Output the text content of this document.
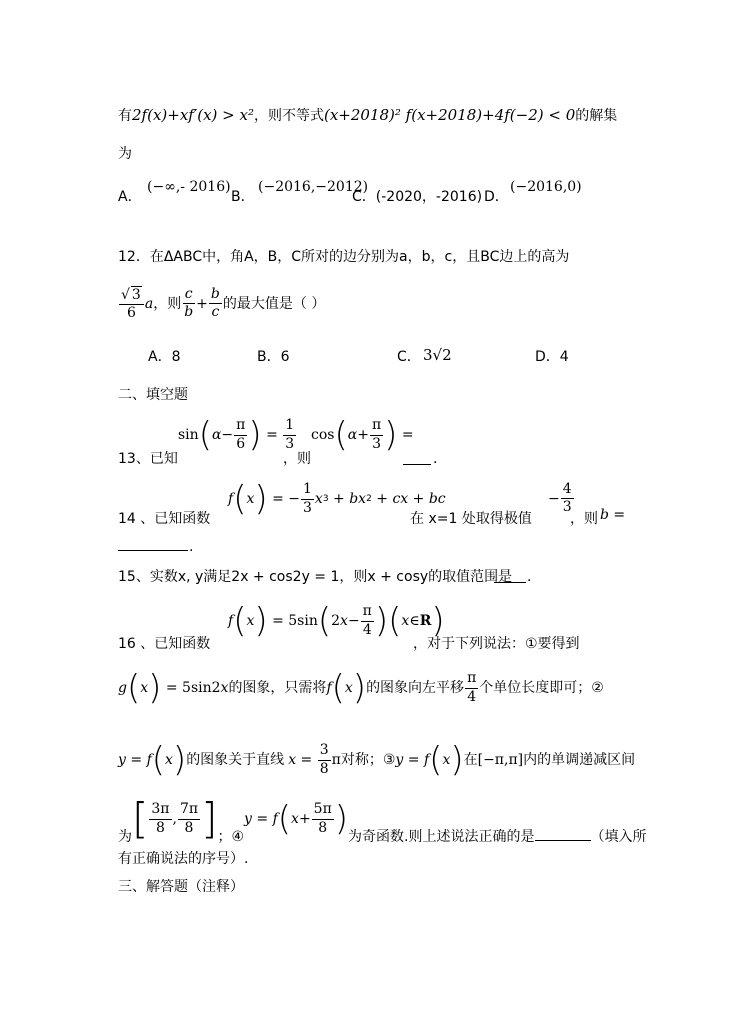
有2f(x)+xf′(x) > x²，则不等式(x+2018)² f(x+2018)+4f(−2) < 0的解集
为
A．
(−∞,- 2016)
B．
(−2016,−2012)
C．(-2020，-2016) D．
(−2016,0)
12．在ΔABC中，角A，B，C所对的边分别为a，b，c，且BC边上的高为
$\frac{√ 3}{6}$ a ，则 $\frac{c}{b} + \frac{b}{c}$ 的最大值是（ ）
A．8	B．6	C． 3√2	D．4
二、填空题
sin ( $\alpha - \frac{\pi}{6}$ ) = $\frac{1}{3}$
13、已知	，则
cos ( $\alpha + \frac{\pi}{3}$ ) =
.
f ( x ) = − $\frac{1}{3}$ x 3 + bx 2 + cx + bc
14 、已知函数	在 x=1 处取得极值
− $\frac{4}{3}$
，则 b =
.
15、实数x, y满足2x + cos2y = 1，则x + cosy的取值范围是 .
f ( x ) = 5sin ( 2 $x - \frac{\pi}{4}$ ) ( x ∈R )
16 、已知函数	，对于下列说法：①要得到
g ( x ) = 5sin2 x 的图象，只需将 f ( x ) 的图象向左平移 $\frac{\pi}{4}$ 个单位长度即可；②
y = f ( x ) 的图象关于直线 $x = \frac{3}{8}$ π 对称；③ y = f ( x ) 在 [−π,π] 内的单调递减区间
为 [ $\frac{3\pi}{8}$ , $\frac{7\pi}{8}$ ] ；④
y = f ( $x + \frac{5\pi}{8}$ ) 为奇函数.则上述说法正确的是	（填入所
有正确说法的序号）.
三、解答题（注释）
